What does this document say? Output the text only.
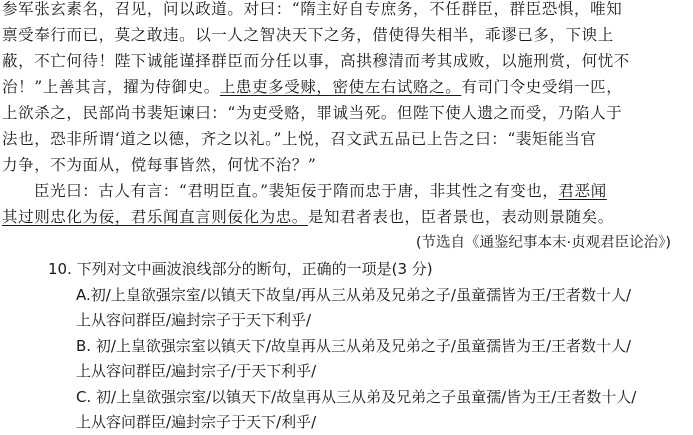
参军张玄素名，召见，问以政道。对曰：“隋主好自专庶务，不任群臣，群臣恐惧，唯知
禀受奉行而已，莫之敢违。以一人之智决天下之务，借使得失相半，乖谬已多，下谀上
蔽，不亡何待！陛下诚能谨择群臣而分任以事，高拱穆清而考其成败，以施刑赏，何忧不
治！”上善其言，擢为侍御史。上患吏多受赇，密使左右试赂之。有司门令史受绢一匹，
上欲杀之，民部尚书裴矩谏曰：“为吏受赂，罪诚当死。但陛下使人遗之而受，乃陷人于
法也，恐非所谓‘道之以德，齐之以礼。”上悦，召文武五品已上告之曰：“裴矩能当官
力争，不为面从，傥每事皆然，何忧不治？”
臣光曰：古人有言：“君明臣直。”裴矩佞于隋而忠于唐，非其性之有变也，君恶闻
其过则忠化为佞，君乐闻直言则佞化为忠。是知君者表也，臣者景也，表动则景随矣。
(节选自《通鉴纪事本末·贞观君臣论治》)
10. 下列对文中画波浪线部分的断句，正确的一项是(3 分)
A.初/上皇欲强宗室/以镇天下故皇/再从三从弟及兄弟之子/虽童孺皆为王/王者数十人/
上从容问群臣/遍封宗子于天下利乎/
B. 初/上皇欲强宗室以镇天下/故皇再从三从弟及兄弟之子/虽童孺皆为王/王者数十人/
上从容问群臣/遍封宗子/于天下利乎/
C. 初/上皇欲强宗室/以镇天下/故皇再从三从弟及兄弟之子虽童孺/皆为王/王者数十人/
上从容问群臣/遍封宗子于天下/利乎/
